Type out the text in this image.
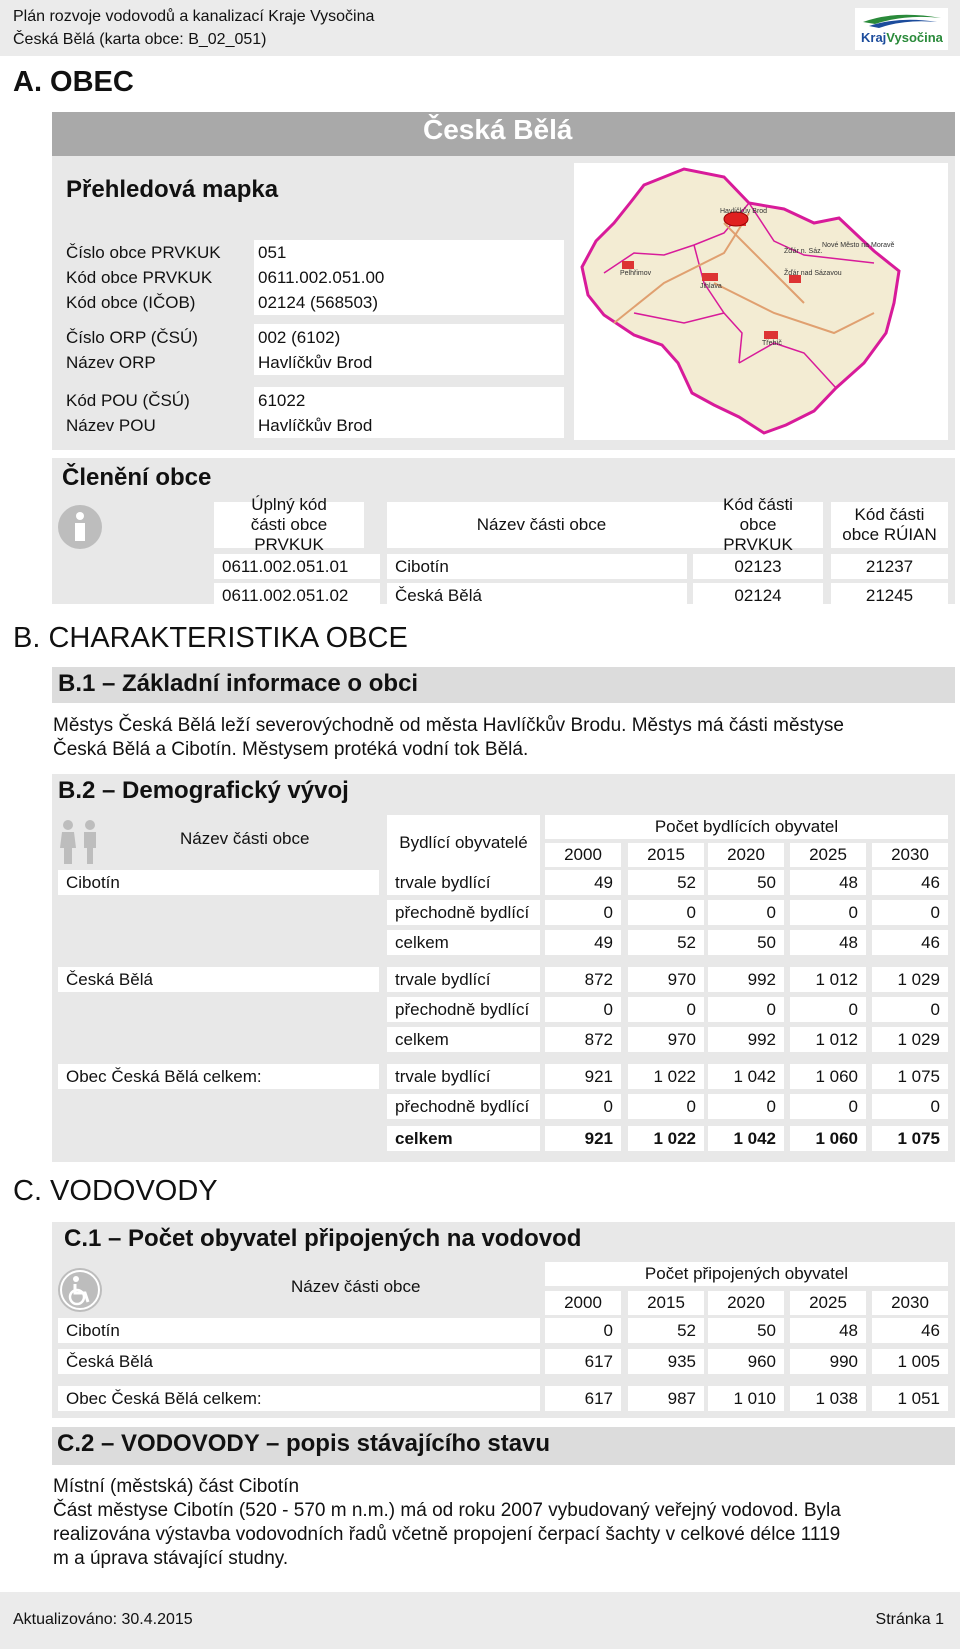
Plán rozvoje vodovodů a kanalizací Kraje Vysočina
Česká Bělá (karta obce: B_02_051)	KrajVysočina
A. OBEC
Česká Bělá
Přehledová mapka
Číslo obce PRVKUK 051
Kód obce PRVKUK	0611.002.051.00
Kód obce (IČOB)	02124 (568503)
Číslo ORP (ČSÚ)	002 (6102)
Název ORP	Havlíčkův Brod
Kód POU (ČSÚ)	61022
Název POU	Havlíčkův Brod
Havlíčkův Brod
Žďár n. Sáz.
Nové Město na Moravě
Pelhřimov
Jihlava
Třebíč
Žďár nad Sázavou
Členění obce
Úplný kód části obce PRVKUK
Název části obce
Kód části obce PRVKUK
Kód části obce RÚIAN
0611.002.051.01	Cibotín	02123	21237
0611.002.051.02	Česká Bělá	02124	21245
B. CHARAKTERISTIKA OBCE
B.1 – Základní informace o obci
Městys Česká Bělá leží severovýchodně od města Havlíčkův Brodu. Městys má části městyse
Česká Bělá a Cibotín. Městysem protéká vodní tok Bělá.
B.2 – Demografický vývoj
Název části obce	Bydlící obyvatelé
Počet bydlících obyvatel
2000	2015	2020	2025	2030
Cibotín	trvale bydlící	49	52	50	48	46
přechodně bydlící	0	0	0	0	0
celkem	49	52	50	48	46
Česká Bělá	trvale bydlící	872	970	992	1 012	1 029
přechodně bydlící	0	0	0	0	0
celkem	872	970	992	1 012	1 029
Obec Česká Bělá celkem:	trvale bydlící	921	1 022	1 042	1 060	1 075
přechodně bydlící	0	0	0	0	0
celkem	921	1 022	1 042	1 060	1 075
C. VODOVODY
C.1 – Počet obyvatel připojených na vodovod
Název části obce
Počet připojených obyvatel
2000	2015	2020	2025	2030
Cibotín	0	52	50	48	46
Česká Bělá	617	935	960	990	1 005
Obec Česká Bělá celkem:	617	987	1 010	1 038	1 051
C.2 – VODOVODY – popis stávajícího stavu
Místní (městská) část Cibotín
Část městyse Cibotín (520 - 570 m n.m.) má od roku 2007 vybudovaný veřejný vodovod. Byla
realizována výstavba vodovodních řadů včetně propojení čerpací šachty v celkové délce 1119
m a úprava stávající studny.
Aktualizováno: 30.4.2015	Stránka 1
